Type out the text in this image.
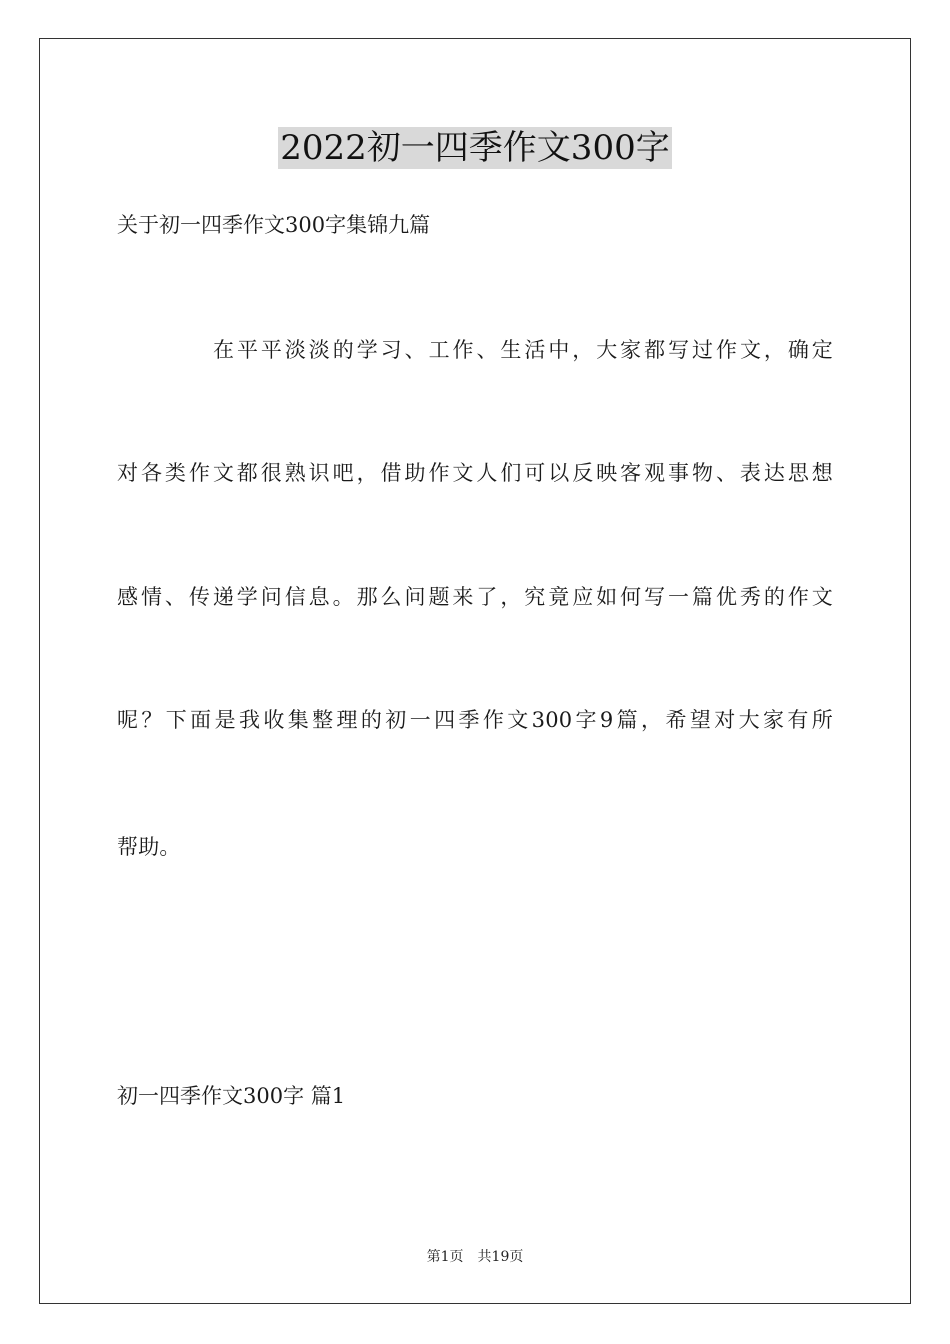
2022初一四季作文300字
关于初一四季作文300字集锦九篇
在平平淡淡的学习、工作、生活中，大家都写过作文，确定
对各类作文都很熟识吧，借助作文人们可以反映客观事物、表达思想
感情、传递学问信息。那么问题来了，究竟应如何写一篇优秀的作文
呢？下面是我收集整理的初一四季作文300字9篇，希望对大家有所
帮助。
初一四季作文300字 篇1
第1页 共19页
